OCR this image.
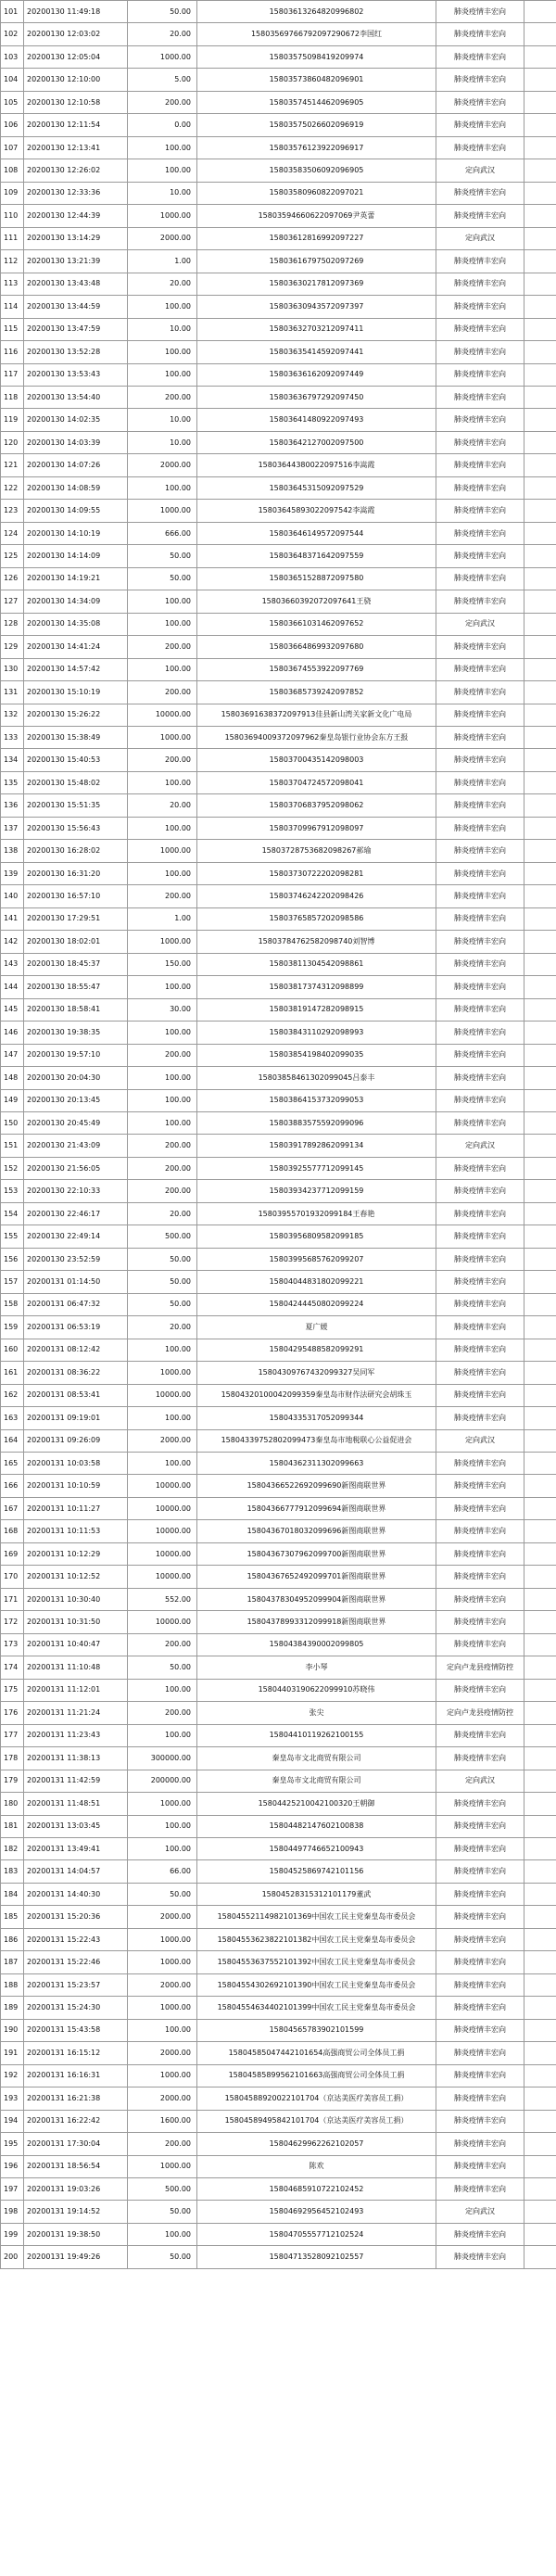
101	20200130 11:49:18	50.00	15803613264820996802	肺炎疫情丰宏向	
102	20200130 12:03:02	20.00	15803569766792097290672李国红	肺炎疫情丰宏向	
103	20200130 12:05:04	1000.00	15803575098419209974	肺炎疫情丰宏向	
104	20200130 12:10:00	5.00	15803573860482096901	肺炎疫情丰宏向	
105	20200130 12:10:58	200.00	15803574514462096905	肺炎疫情丰宏向	
106	20200130 12:11:54	0.00	15803575026602096919	肺炎疫情丰宏向	
107	20200130 12:13:41	100.00	15803576123922096917	肺炎疫情丰宏向	
108	20200130 12:26:02	100.00	15803583506092096905	定向武汉	
109	20200130 12:33:36	10.00	15803580960822097021	肺炎疫情丰宏向	
110	20200130 12:44:39	1000.00	15803594660622097069尹英蕾	肺炎疫情丰宏向	
111	20200130 13:14:29	2000.00	15803612816992097227	定向武汉	
112	20200130 13:21:39	1.00	15803616797502097269	肺炎疫情丰宏向	
113	20200130 13:43:48	20.00	15803630217812097369	肺炎疫情丰宏向	
114	20200130 13:44:59	100.00	15803630943572097397	肺炎疫情丰宏向	
115	20200130 13:47:59	10.00	15803632703212097411	肺炎疫情丰宏向	
116	20200130 13:52:28	100.00	15803635414592097441	肺炎疫情丰宏向	
117	20200130 13:53:43	100.00	15803636162092097449	肺炎疫情丰宏向	
118	20200130 13:54:40	200.00	15803636797292097450	肺炎疫情丰宏向	
119	20200130 14:02:35	10.00	15803641480922097493	肺炎疫情丰宏向	
120	20200130 14:03:39	10.00	15803642127002097500	肺炎疫情丰宏向	
121	20200130 14:07:26	2000.00	15803644380022097516李嵩霞	肺炎疫情丰宏向	
122	20200130 14:08:59	100.00	15803645315092097529	肺炎疫情丰宏向	
123	20200130 14:09:55	1000.00	15803645893022097542李嵩霞	肺炎疫情丰宏向	
124	20200130 14:10:19	666.00	15803646149572097544	肺炎疫情丰宏向	
125	20200130 14:14:09	50.00	15803648371642097559	肺炎疫情丰宏向	
126	20200130 14:19:21	50.00	15803651528872097580	肺炎疫情丰宏向	
127	20200130 14:34:09	100.00	15803660392072097641王骁	肺炎疫情丰宏向	
128	20200130 14:35:08	100.00	15803661031462097652	定向武汉	
129	20200130 14:41:24	200.00	15803664869932097680	肺炎疫情丰宏向	
130	20200130 14:57:42	100.00	15803674553922097769	肺炎疫情丰宏向	
131	20200130 15:10:19	200.00	15803685739242097852	肺炎疫情丰宏向	
132	20200130 15:26:22	10000.00	15803691638372097913佳县新山湾关家新文化广电局	肺炎疫情丰宏向	
133	20200130 15:38:49	1000.00	15803694009372097962秦皇岛银行业协会东方王报	肺炎疫情丰宏向	
134	20200130 15:40:53	200.00	15803700435142098003	肺炎疫情丰宏向	
135	20200130 15:48:02	100.00	15803704724572098041	肺炎疫情丰宏向	
136	20200130 15:51:35	20.00	15803706837952098062	肺炎疫情丰宏向	
137	20200130 15:56:43	100.00	15803709967912098097	肺炎疫情丰宏向	
138	20200130 16:28:02	1000.00	15803728753682098267郝瑜	肺炎疫情丰宏向	
139	20200130 16:31:20	100.00	15803730722202098281	肺炎疫情丰宏向	
140	20200130 16:57:10	200.00	15803746242202098426	肺炎疫情丰宏向	
141	20200130 17:29:51	1.00	15803765857202098586	肺炎疫情丰宏向	
142	20200130 18:02:01	1000.00	15803784762582098740刘智博	肺炎疫情丰宏向	
143	20200130 18:45:37	150.00	15803811304542098861	肺炎疫情丰宏向	
144	20200130 18:55:47	100.00	15803817374312098899	肺炎疫情丰宏向	
145	20200130 18:58:41	30.00	15803819147282098915	肺炎疫情丰宏向	
146	20200130 19:38:35	100.00	15803843110292098993	肺炎疫情丰宏向	
147	20200130 19:57:10	200.00	15803854198402099035	肺炎疫情丰宏向	
148	20200130 20:04:30	100.00	15803858461302099045吕泰丰	肺炎疫情丰宏向	
149	20200130 20:13:45	100.00	15803864153732099053	肺炎疫情丰宏向	
150	20200130 20:45:49	100.00	15803883575592099096	肺炎疫情丰宏向	
151	20200130 21:43:09	200.00	15803917892862099134	定向武汉	
152	20200130 21:56:05	200.00	15803925577712099145	肺炎疫情丰宏向	
153	20200130 22:10:33	200.00	15803934237712099159	肺炎疫情丰宏向	
154	20200130 22:46:17	20.00	15803955701932099184王春艳	肺炎疫情丰宏向	
155	20200130 22:49:14	500.00	15803956809582099185	肺炎疫情丰宏向	
156	20200130 23:52:59	50.00	15803995685762099207	肺炎疫情丰宏向	
157	20200131 01:14:50	50.00	15804044831802099221	肺炎疫情丰宏向	
158	20200131 06:47:32	50.00	15804244450802099224	肺炎疫情丰宏向	
159	20200131 06:53:19	20.00	夏广媛	肺炎疫情丰宏向	
160	20200131 08:12:42	100.00	15804295488582099291	肺炎疫情丰宏向	
161	20200131 08:36:22	1000.00	15804309767432099327吴同军	肺炎疫情丰宏向	
162	20200131 08:53:41	10000.00	15804320100042099359秦皇岛市财作法研究会胡珠玉	肺炎疫情丰宏向	
163	20200131 09:19:01	100.00	15804335317052099344	肺炎疫情丰宏向	
164	20200131 09:26:09	2000.00	15804339752802099473秦皇岛市地税联心公益促进会	定向武汉	
165	20200131 10:03:58	100.00	15804362311302099663	肺炎疫情丰宏向	
166	20200131 10:10:59	10000.00	15804366522692099690新图商联世界	肺炎疫情丰宏向	
167	20200131 10:11:27	10000.00	15804366777912099694新图商联世界	肺炎疫情丰宏向	
168	20200131 10:11:53	10000.00	15804367018032099696新图商联世界	肺炎疫情丰宏向	
169	20200131 10:12:29	10000.00	15804367307962099700新图商联世界	肺炎疫情丰宏向	
170	20200131 10:12:52	10000.00	15804367652492099701新图商联世界	肺炎疫情丰宏向	
171	20200131 10:30:40	552.00	15804378304952099904新图商联世界	肺炎疫情丰宏向	
172	20200131 10:31:50	10000.00	15804378993312099918新图商联世界	肺炎疫情丰宏向	
173	20200131 10:40:47	200.00	15804384390002099805	肺炎疫情丰宏向	
174	20200131 11:10:48	50.00	李小琴	定向卢龙县疫情防控	
175	20200131 11:12:01	100.00	15804403190622099910苏晓伟	肺炎疫情丰宏向	
176	20200131 11:21:24	200.00	张尖	定向卢龙县疫情防控	
177	20200131 11:23:43	100.00	15804410119262100155	肺炎疫情丰宏向	
178	20200131 11:38:13	300000.00	秦皇岛市文北商贸有限公司	肺炎疫情丰宏向	
179	20200131 11:42:59	200000.00	秦皇岛市文北商贸有限公司	定向武汉	
180	20200131 11:48:51	1000.00	15804425210042100320王朝御	肺炎疫情丰宏向	
181	20200131 13:03:45	100.00	15804482147602100838	肺炎疫情丰宏向	
182	20200131 13:49:41	100.00	15804497746652100943	肺炎疫情丰宏向	
183	20200131 14:04:57	66.00	15804525869742101156	肺炎疫情丰宏向	
184	20200131 14:40:30	50.00	15804528315312101179董武	肺炎疫情丰宏向	
185	20200131 15:20:36	2000.00	15804552114982101369中国农工民主党秦皇岛市委员会	肺炎疫情丰宏向	
186	20200131 15:22:43	1000.00	15804553623822101382中国农工民主党秦皇岛市委员会	肺炎疫情丰宏向	
187	20200131 15:22:46	1000.00	15804553637552101392中国农工民主党秦皇岛市委员会	肺炎疫情丰宏向	
188	20200131 15:23:57	2000.00	15804554302692101390中国农工民主党秦皇岛市委员会	肺炎疫情丰宏向	
189	20200131 15:24:30	1000.00	15804554634402101399中国农工民主党秦皇岛市委员会	肺炎疫情丰宏向	
190	20200131 15:43:58	100.00	15804565783902101599	肺炎疫情丰宏向	
191	20200131 16:15:12	2000.00	15804585047442101654高强商贸公司全体员工捐	肺炎疫情丰宏向	
192	20200131 16:16:31	1000.00	15804585899562101663高强商贸公司全体员工捐	肺炎疫情丰宏向	
193	20200131 16:21:38	2000.00	15804588920022101704（京达美医疗美容员工捐）	肺炎疫情丰宏向	
194	20200131 16:22:42	1600.00	15804589495842101704（京达美医疗美容员工捐）	肺炎疫情丰宏向	
195	20200131 17:30:04	200.00	15804629962262102057	肺炎疫情丰宏向	
196	20200131 18:56:54	1000.00	陈欢	肺炎疫情丰宏向	
197	20200131 19:03:26	500.00	15804685910722102452	肺炎疫情丰宏向	
198	20200131 19:14:52	50.00	15804692956452102493	定向武汉	
199	20200131 19:38:50	100.00	15804705557712102524	肺炎疫情丰宏向	
200	20200131 19:49:26	50.00	15804713528092102557	肺炎疫情丰宏向	
